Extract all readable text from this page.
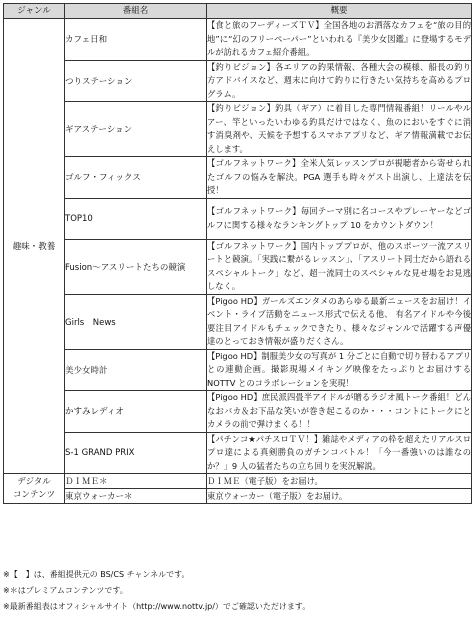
ジャンル	番組名	概要
趣味・教養	カフェ日和	【食と旅のフーディーズＴＶ】全国各地のお洒落なカフェを“旅の目的地”に“幻のフリーペーパー”といわれる『美少女図鑑』に登場するモデルが訪れるカフェ紹介番組。
	つりステーション	【釣りビジョン】各エリアの釣果情報、各種大会の模様、船長の釣り方アドバイスなど、週末に向けて釣りに行きたい気持ちを高めるプログラム。
	ギアステーション	【釣りビジョン】釣具（ギア）に着目した専門情報番組！リールやルアー、竿といったいわゆる釣具だけではなく、魚のにおいをすぐに消す消臭剤や、天候を予想するスマホアプリなど、ギア情報満載でお伝えします。
	ゴルフ・フィックス	【ゴルフネットワーク】全米人気レッスンプロが視聴者から寄せられたゴルフの悩みを解決。PGA 選手も時々ゲスト出演し、上達法を伝授！
	TOP10	【ゴルフネットワーク】毎回テーマ別に名コースやプレーヤーなどゴルフに関する様々なランキングトップ 10 をカウントダウン！
	Fusion～アスリートたちの競演	【ゴルフネットワーク】国内トッププロが、他のスポーツ一流アスリートと競演。「実践に繋がるレッスン」、「アスリート同士だから語れるスペシャルトーク」など、超一流同士のスペシャルな見せ場をお見逃しなく。
	Girls　News	【Pigoo HD】ガールズエンタメのあらゆる最新ニュースをお届け！イベント・ライブ活動をニュース形式で伝える他、 有名アイドルや今後要注目アイドルもチェックできたり、様々なジャンルで活躍する声優達のとっておき情報が盛りだくさん。
	美少女時計	【Pigoo HD】制服美少女の写真が 1 分ごとに自動で切り替わるアプリとの連動企画。撮影現場メイキング映像をたっぷりとお届けする NOTTV とのコラボレーションを実現！
	かすみレディオ	【Pigoo HD】庶民派四畳半アイドルが贈るラジオ風トーク番組！どんなおバカ＆お下品な笑いが巻き起こるのか・・・コントにトークにとカメラの前で弾けまくる！！
	S-1 GRAND PRIX	【パチンコ★パチスロＴＶ！】雑誌やメディアの枠を超えたリアルスロプロ達による真剣勝負のガチンコバトル！「今一番強いのは誰なのか？」9 人の猛者たちの立ち回りを実況解説。
デジタル
コンテンツ	ＤＩＭＥ＊	ＤＩＭＥ（電子版）をお届け。
	東京ウォーカー＊	東京ウォーカー（電子版）をお届け。
※【　】は、番組提供元の BS/CS チャンネルです。
※＊はプレミアムコンテンツです。
※最新番組表はオフィシャルサイト（http://www.nottv.jp/）でご確認いただけます。
